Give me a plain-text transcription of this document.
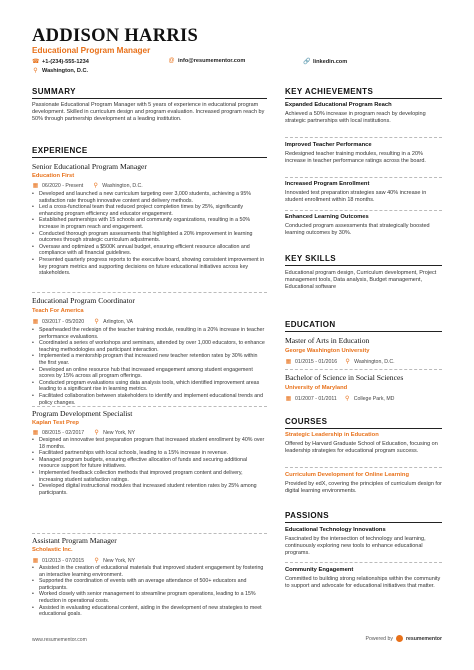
ADDISON HARRIS
Educational Program Manager
☎ +1-(234)-555-1234	@ info@resumementor.com	🔗 linkedin.com
⚲ Washington, D.C.
SUMMARY
Passionate Educational Program Manager with 5 years of experience in educational program development. Skilled in curriculum design and program evaluation. Increased program reach by 50% through partnership development at a leading institution.
EXPERIENCE
Senior Educational Program Manager
Education First
▦ 06/2020 - Present ⚲ Washington, D.C.
• Developed and launched a new curriculum targeting over 3,000 students, achieving a 95% satisfaction rate through innovative content and delivery methods.
• Led a cross-functional team that reduced project completion times by 25%, significantly enhancing program efficiency and educator engagement.
• Established partnerships with 15 schools and community organizations, resulting in a 50% increase in program reach and engagement.
• Conducted thorough program assessments that highlighted a 20% improvement in learning outcomes through strategic curriculum adjustments.
• Oversaw and optimized a $500K annual budget, ensuring efficient resource allocation and compliance with all financial guidelines.
• Presented quarterly progress reports to the executive board, showing consistent improvement in key program metrics and supporting decisions on future educational initiatives across key stakeholders.
Educational Program Coordinator
Teach For America
▦ 03/2017 - 05/2020 ⚲ Arlington, VA
• Spearheaded the redesign of the teacher training module, resulting in a 20% increase in teacher performance evaluations.
• Coordinated a series of workshops and seminars, attended by over 1,000 educators, to enhance teaching methodologies and participant interaction.
• Implemented a mentorship program that increased new teacher retention rates by 30% within the first year.
• Developed an online resource hub that increased engagement among student engagement scores by 15% across all program offerings.
• Conducted program evaluations using data analysis tools, which identified improvement areas leading to a significant rise in learning metrics.
• Facilitated collaboration between stakeholders to identify and implement educational trends and policy changes.
Program Development Specialist
Kaplan Test Prep
▦ 08/2015 - 02/2017 ⚲ New York, NY
• Designed an innovative test preparation program that increased student enrollment by 40% over 18 months.
• Facilitated partnerships with local schools, leading to a 15% increase in revenue.
• Managed program budgets, ensuring effective allocation of funds and securing additional resource support for future initiatives.
• Implemented feedback collection methods that improved program content and delivery, increasing student satisfaction ratings.
• Developed digital instructional modules that increased student retention rates by 25% among participants.
Assistant Program Manager
Scholastic Inc.
▦ 01/2013 - 07/2015 ⚲ New York, NY
• Assisted in the creation of educational materials that improved student engagement by fostering an interactive learning environment.
• Supported the coordination of events with an average attendance of 500+ educators and participants.
• Worked closely with senior management to streamline program operations, leading to a 15% reduction in operational costs.
• Assisted in evaluating educational content, aiding in the development of new strategies to meet educational goals.
KEY ACHIEVEMENTS
Expanded Educational Program Reach
Achieved a 50% increase in program reach by developing strategic partnerships with local institutions.
Improved Teacher Performance
Redesigned teacher training modules, resulting in a 20% increase in teacher performance ratings across the board.
Increased Program Enrollment
Innovated test preparation strategies saw 40% increase in student enrollment within 18 months.
Enhanced Learning Outcomes
Conducted program assessments that strategically boosted learning outcomes by 30%.
KEY SKILLS
Educational program design, Curriculum development, Project management tools, Data analysis, Budget management, Educational software
EDUCATION
Master of Arts in Education
George Washington University
▦ 01/2015 - 01/2016 ⚲ Washington, D.C.
Bachelor of Science in Social Sciences
University of Maryland
▦ 01/2007 - 01/2011 ⚲ College Park, MD
COURSES
Strategic Leadership in Education
Offered by Harvard Graduate School of Education, focusing on leadership strategies for educational program success.
Curriculum Development for Online Learning
Provided by edX, covering the principles of curriculum design for digital learning environments.
PASSIONS
Educational Technology Innovations
Fascinated by the intersection of technology and learning, continuously exploring new tools to enhance educational programs.
Community Engagement
Committed to building strong relationships within the community to support and advocate for educational initiatives that matter.
www.resumementor.com	Powered by	resumementor
